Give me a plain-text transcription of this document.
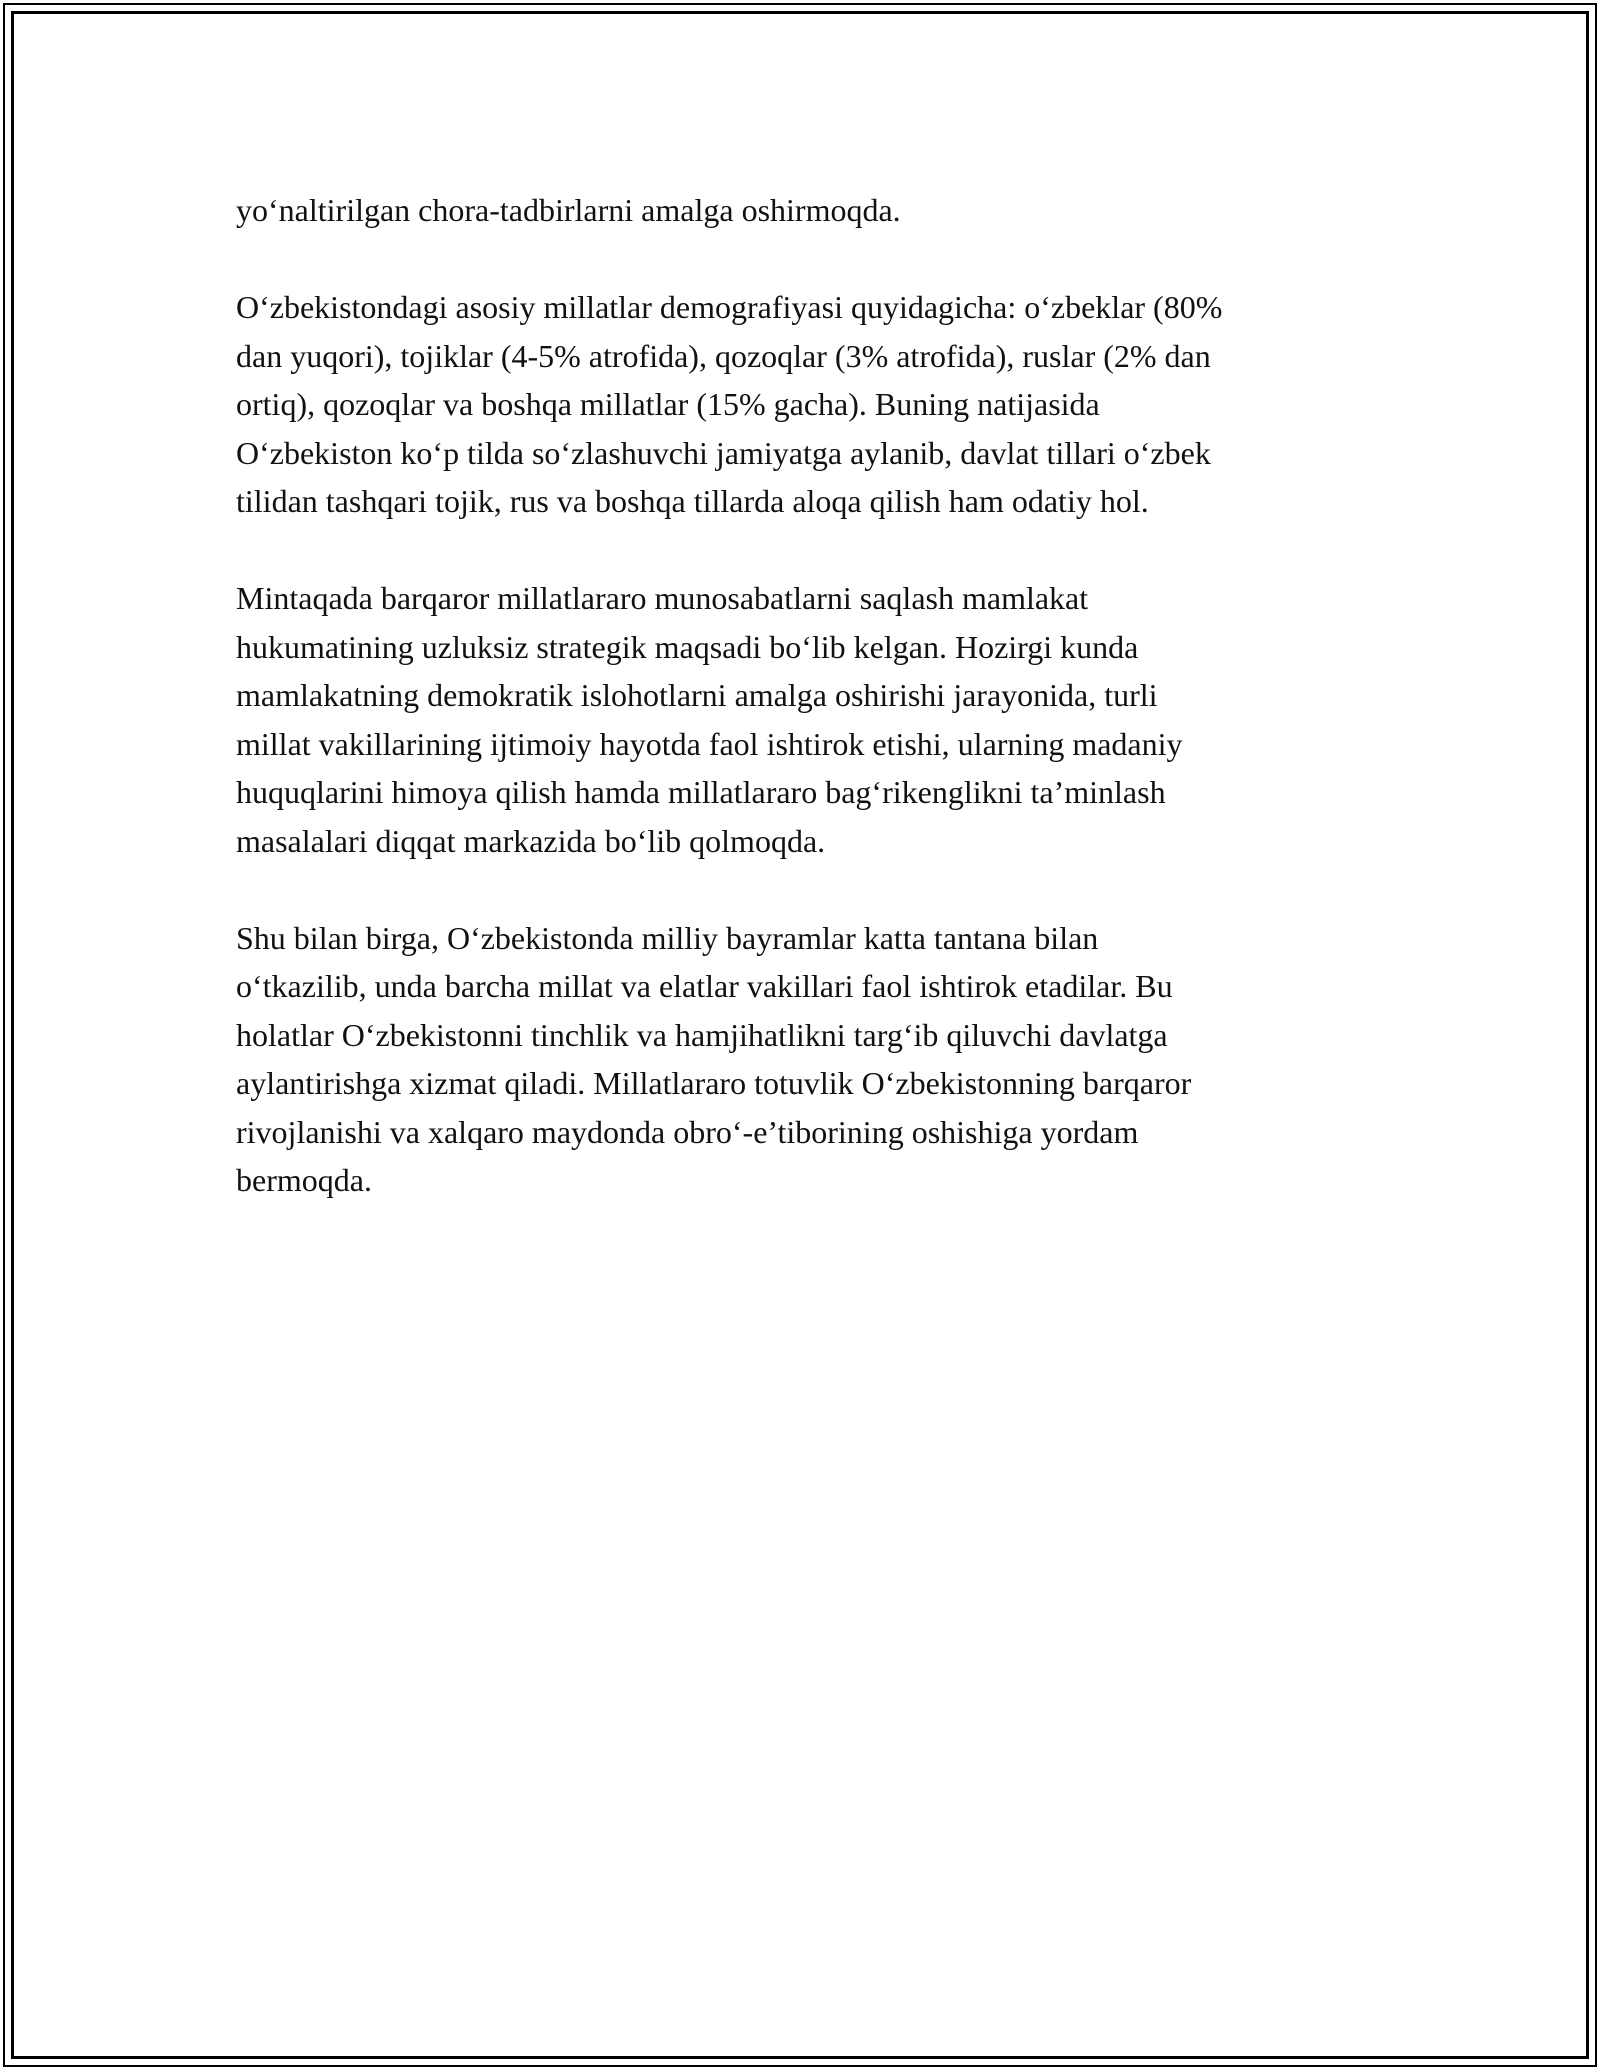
yo‘naltirilgan chora-tadbirlarni amalga oshirmoqda.

O‘zbekistondagi asosiy millatlar demografiyasi quyidagicha: o‘zbeklar (80%
dan yuqori), tojiklar (4-5% atrofida), qozoqlar (3% atrofida), ruslar (2% dan
ortiq), qozoqlar va boshqa millatlar (15% gacha). Buning natijasida
O‘zbekiston ko‘p tilda so‘zlashuvchi jamiyatga aylanib, davlat tillari o‘zbek
tilidan tashqari tojik, rus va boshqa tillarda aloqa qilish ham odatiy hol.

Mintaqada barqaror millatlararo munosabatlarni saqlash mamlakat
hukumatining uzluksiz strategik maqsadi bo‘lib kelgan. Hozirgi kunda
mamlakatning demokratik islohotlarni amalga oshirishi jarayonida, turli
millat vakillarining ijtimoiy hayotda faol ishtirok etishi, ularning madaniy
huquqlarini himoya qilish hamda millatlararo bag‘rikenglikni ta’minlash
masalalari diqqat markazida bo‘lib qolmoqda.

Shu bilan birga, O‘zbekistonda milliy bayramlar katta tantana bilan
o‘tkazilib, unda barcha millat va elatlar vakillari faol ishtirok etadilar. Bu
holatlar O‘zbekistonni tinchlik va hamjihatlikni targ‘ib qiluvchi davlatga
aylantirishga xizmat qiladi. Millatlararo totuvlik O‘zbekistonning barqaror
rivojlanishi va xalqaro maydonda obro‘-e’tiborining oshishiga yordam
bermoqda.
